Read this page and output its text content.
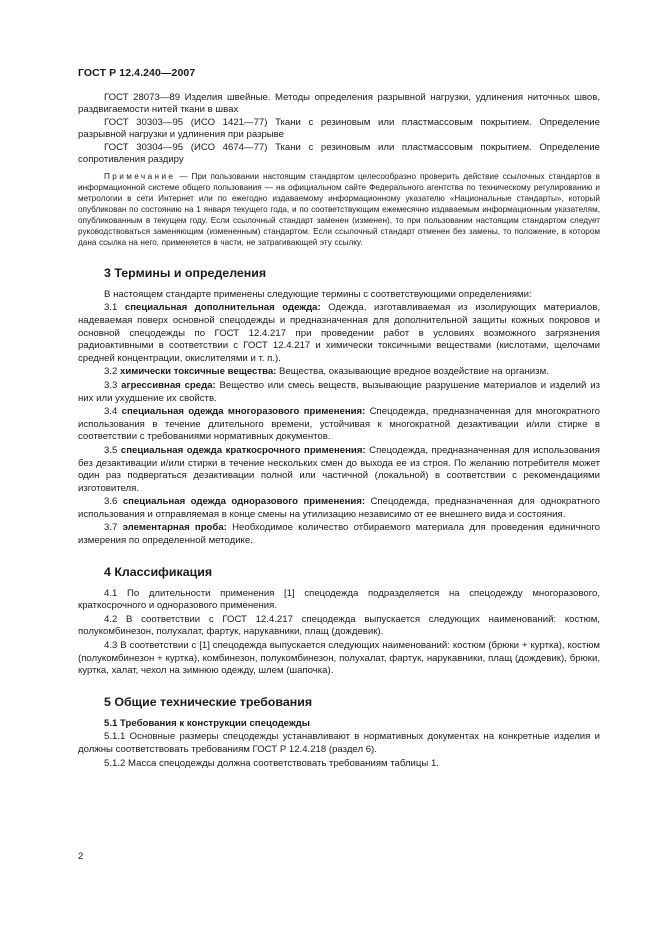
ГОСТ Р 12.4.240—2007

ГОСТ 28073—89 Изделия швейные. Методы определения разрывной нагрузки, удлинения ниточных швов, раздвигаемости нитей ткани в швах

ГОСТ 30303—95 (ИСО 1421—77) Ткани с резиновым или пластмассовым покрытием. Определение разрывной нагрузки и удлинения при разрыве

ГОСТ 30304—95 (ИСО 4674—77) Ткани с резиновым или пластмассовым покрытием. Определение сопротивления раздиру

Примечание — При пользовании настоящим стандартом целесообразно проверить действие ссылочных стандартов в информационной системе общего пользования — на официальном сайте Федерального агентства по техническому регулированию и метрологии в сети Интернет или по ежегодно издаваемому информационному указателю «Национальные стандарты», который опубликован по состоянию на 1 января текущего года, и по соответствующим ежемесячно издаваемым информационным указателям, опубликованным в текущем году. Если ссылочный стандарт заменен (изменен), то при пользовании настоящим стандартом следует руководствоваться заменяющим (измененным) стандартом. Если ссылочный стандарт отменен без замены, то положение, в котором дана ссылка на него, применяется в части, не затрагивающей эту ссылку.

3 Термины и определения

В настоящем стандарте применены следующие термины с соответствующими определениями:

3.1 специальная дополнительная одежда: Одежда, изготавливаемая из изолирующих материалов, надеваемая поверх основной спецодежды и предназначенная для дополнительной защиты кожных покровов и основной спецодежды по ГОСТ 12.4.217 при проведении работ в условиях возможного загрязнения радиоактивными в соответствии с ГОСТ 12.4.217 и химически токсичными веществами (кислотами, щелочами средней концентрации, окислителями и т. п.).

3.2 химически токсичные вещества: Вещества, оказывающие вредное воздействие на организм.

3.3 агрессивная среда: Вещество или смесь веществ, вызывающие разрушение материалов и изделий из них или ухудшение их свойств.

3.4 специальная одежда многоразового применения: Спецодежда, предназначенная для многократного использования в течение длительного времени, устойчивая к многократной дезактивации и/или стирке в соответствии с требованиями нормативных документов.

3.5 специальная одежда краткосрочного применения: Спецодежда, предназначенная для использования без дезактивации и/или стирки в течение нескольких смен до выхода ее из строя. По желанию потребителя может один раз подвергаться дезактивации полной или частичной (локальной) в соответствии с рекомендациями изготовителя.

3.6 специальная одежда одноразового применения: Спецодежда, предназначенная для однократного использования и отправляемая в конце смены на утилизацию независимо от ее внешнего вида и состояния.

3.7 элементарная проба: Необходимое количество отбираемого материала для проведения единичного измерения по определенной методике.

4 Классификация

4.1 По длительности применения [1] спецодежда подразделяется на спецодежду многоразового, краткосрочного и одноразового применения.

4.2 В соответствии с ГОСТ 12.4.217 спецодежда выпускается следующих наименований: костюм, полукомбинезон, полухалат, фартук, нарукавники, плащ (дождевик).

4.3 В соответствии с [1] спецодежда выпускается следующих наименований: костюм (брюки + куртка), костюм (полукомбинезон + куртка), комбинезон, полукомбинезон, полухалат, фартук, нарукавники, плащ (дождевик), брюки, куртка, халат, чехол на зимнюю одежду, шлем (шапочка).

5 Общие технические требования

5.1 Требования к конструкции спецодежды

5.1.1 Основные размеры спецодежды устанавливают в нормативных документах на конкретные изделия и должны соответствовать требованиям ГОСТ Р 12.4.218 (раздел 6).

5.1.2 Масса спецодежды должна соответствовать требованиям таблицы 1.

2
